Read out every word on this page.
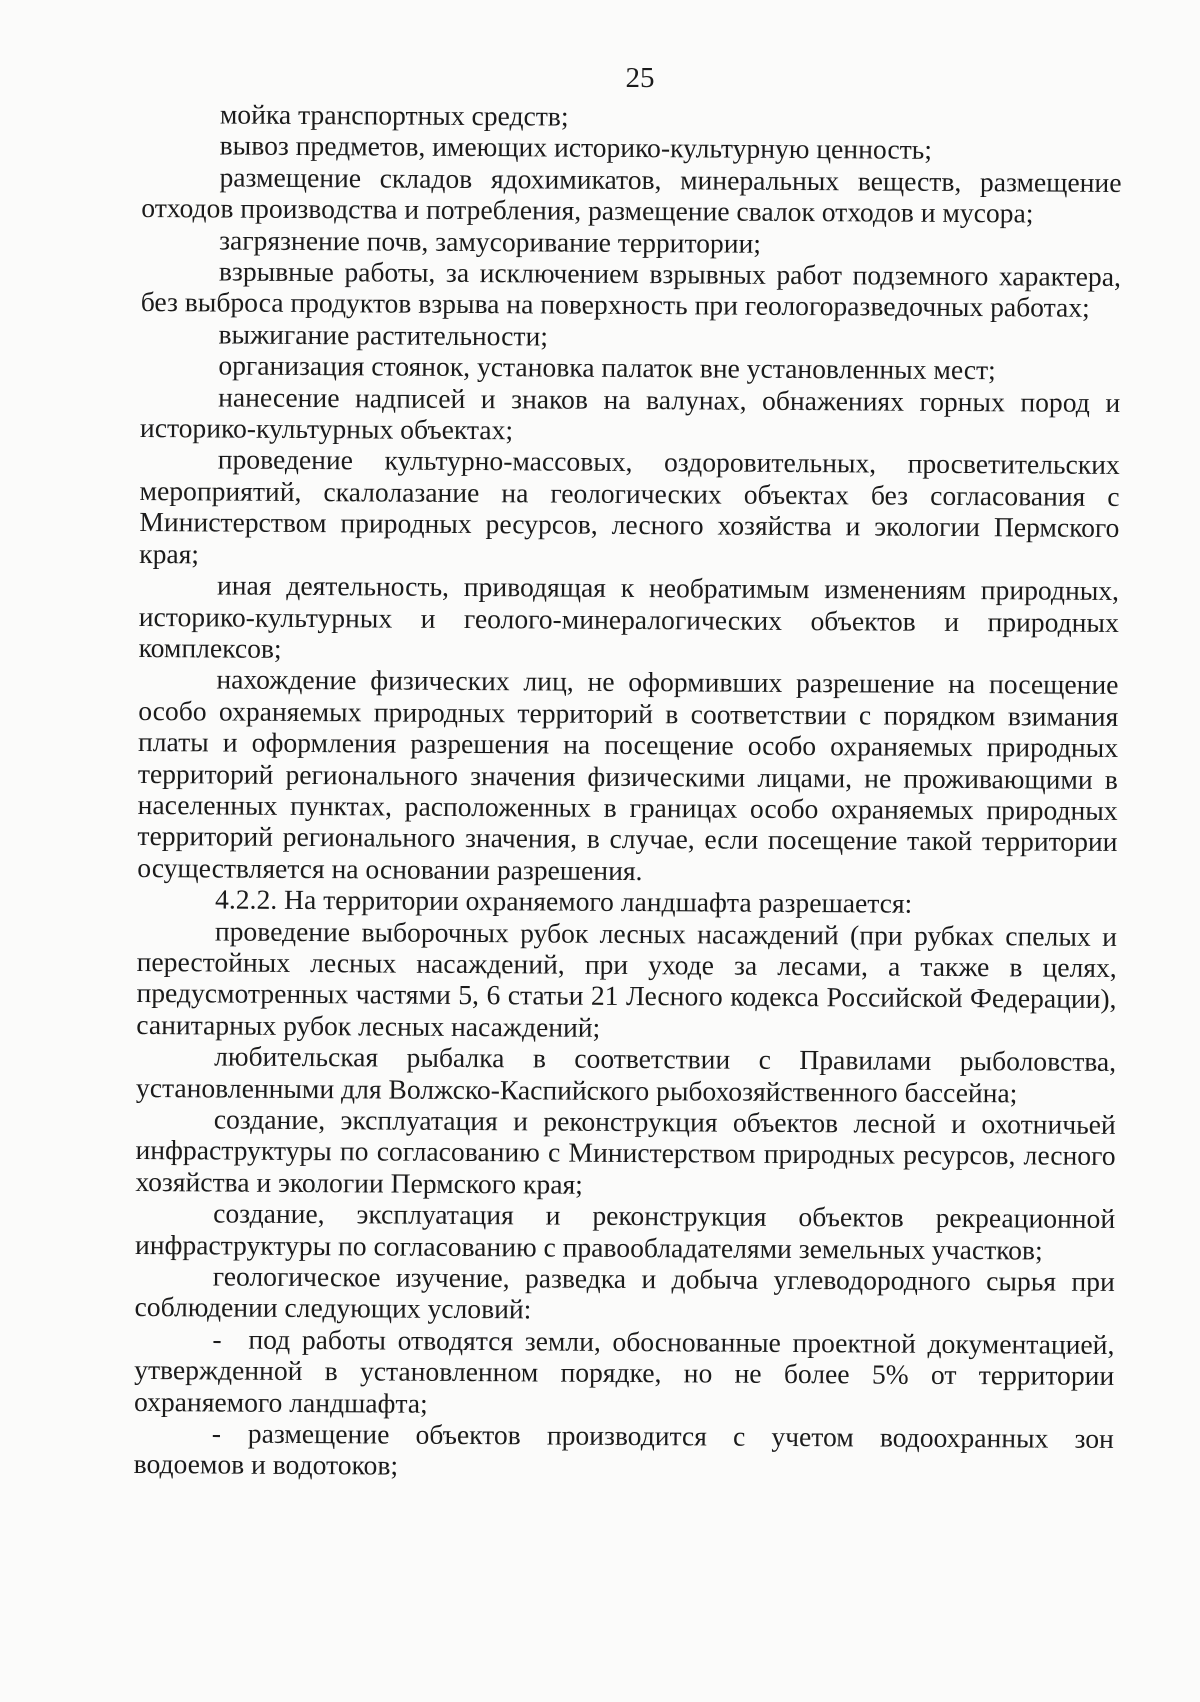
25

мойка транспортных средств;

вывоз предметов, имеющих историко-культурную ценность;

размещение складов ядохимикатов, минеральных веществ, размещение отходов производства и потребления, размещение свалок отходов и мусора;

загрязнение почв, замусоривание территории;

взрывные работы, за исключением взрывных работ подземного характера, без выброса продуктов взрыва на поверхность при геологоразведочных работах;

выжигание растительности;

организация стоянок, установка палаток вне установленных мест;

нанесение надписей и знаков на валунах, обнажениях горных пород и историко-культурных объектах;

проведение культурно-массовых, оздоровительных, просветительских мероприятий, скалолазание на геологических объектах без согласования с Министерством природных ресурсов, лесного хозяйства и экологии Пермского края;

иная деятельность, приводящая к необратимым изменениям природных, историко-культурных и геолого-минералогических объектов и природных комплексов;

нахождение физических лиц, не оформивших разрешение на посещение особо охраняемых природных территорий в соответствии с порядком взимания платы и оформления разрешения на посещение особо охраняемых природных территорий регионального значения физическими лицами, не проживающими в населенных пунктах, расположенных в границах особо охраняемых природных территорий регионального значения, в случае, если посещение такой территории осуществляется на основании разрешения.

4.2.2. На территории охраняемого ландшафта разрешается:

проведение выборочных рубок лесных насаждений (при рубках спелых и перестойных лесных насаждений, при уходе за лесами, а также в целях, предусмотренных частями 5, 6 статьи 21 Лесного кодекса Российской Федерации), санитарных рубок лесных насаждений;

любительская рыбалка в соответствии с Правилами рыболовства, установленными для Волжско-Каспийского рыбохозяйственного бассейна;

создание, эксплуатация и реконструкция объектов лесной и охотничьей инфраструктуры по согласованию с Министерством природных ресурсов, лесного хозяйства и экологии Пермского края;

создание, эксплуатация и реконструкция объектов рекреационной инфраструктуры по согласованию с правообладателями земельных участков;

геологическое изучение, разведка и добыча углеводородного сырья при соблюдении следующих условий:

- под работы отводятся земли, обоснованные проектной документацией, утвержденной в установленном порядке, но не более 5% от территории охраняемого ландшафта;

- размещение объектов производится с учетом водоохранных зон водоемов и водотоков;
